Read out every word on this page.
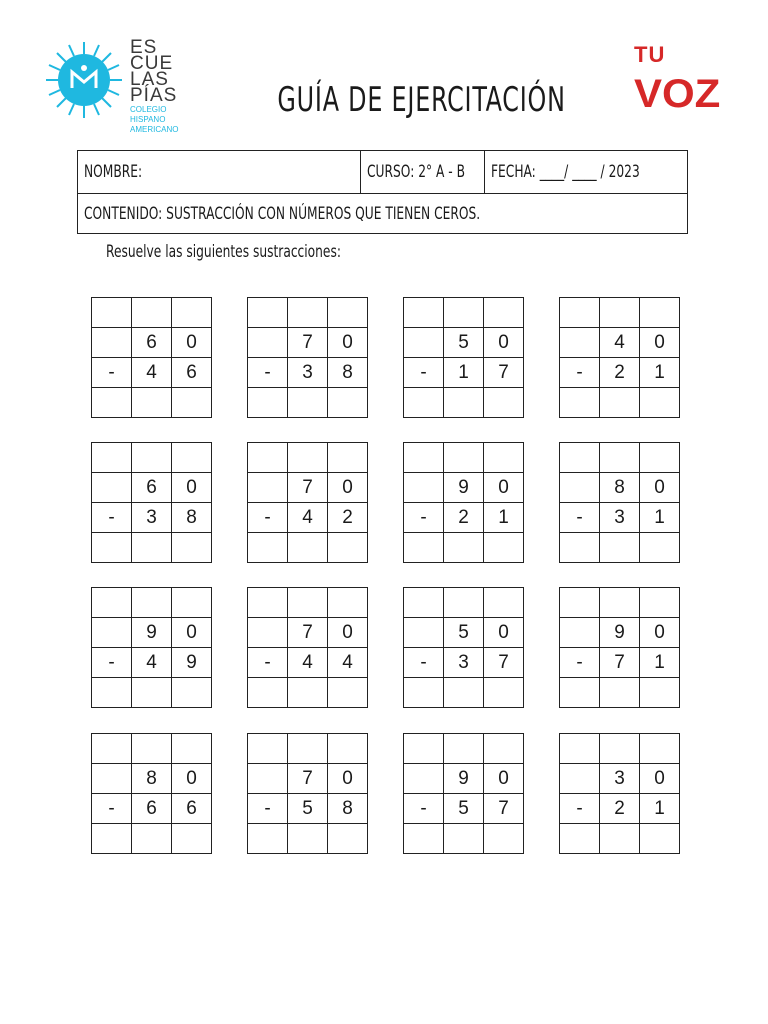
ES
CUE
LAS
PÍAS
COLEGIO
HISPANO
AMERICANO
GUÍA DE EJERCITACIÓN
TU
VOZ
NOMBRE:	CURSO: 2° A - B FECHA: ____/ ____ / 2023
CONTENIDO: SUSTRACCIÓN CON NÚMEROS QUE TIENEN CEROS.
Resuelve las siguientes sustracciones:

	6	0
-	4	6

	7	0
-	3	8

	5	0
-	1	7

	4	0
-	2	1

	6	0
-	3	8

	7	0
-	4	2

	9	0
-	2	1

	8	0
-	3	1

	9	0
-	4	9

	7	0
-	4	4

	5	0
-	3	7

	9	0
-	7	1

	8	0
-	6	6

	7	0
-	5	8

	9	0
-	5	7

	3	0
-	2	1
